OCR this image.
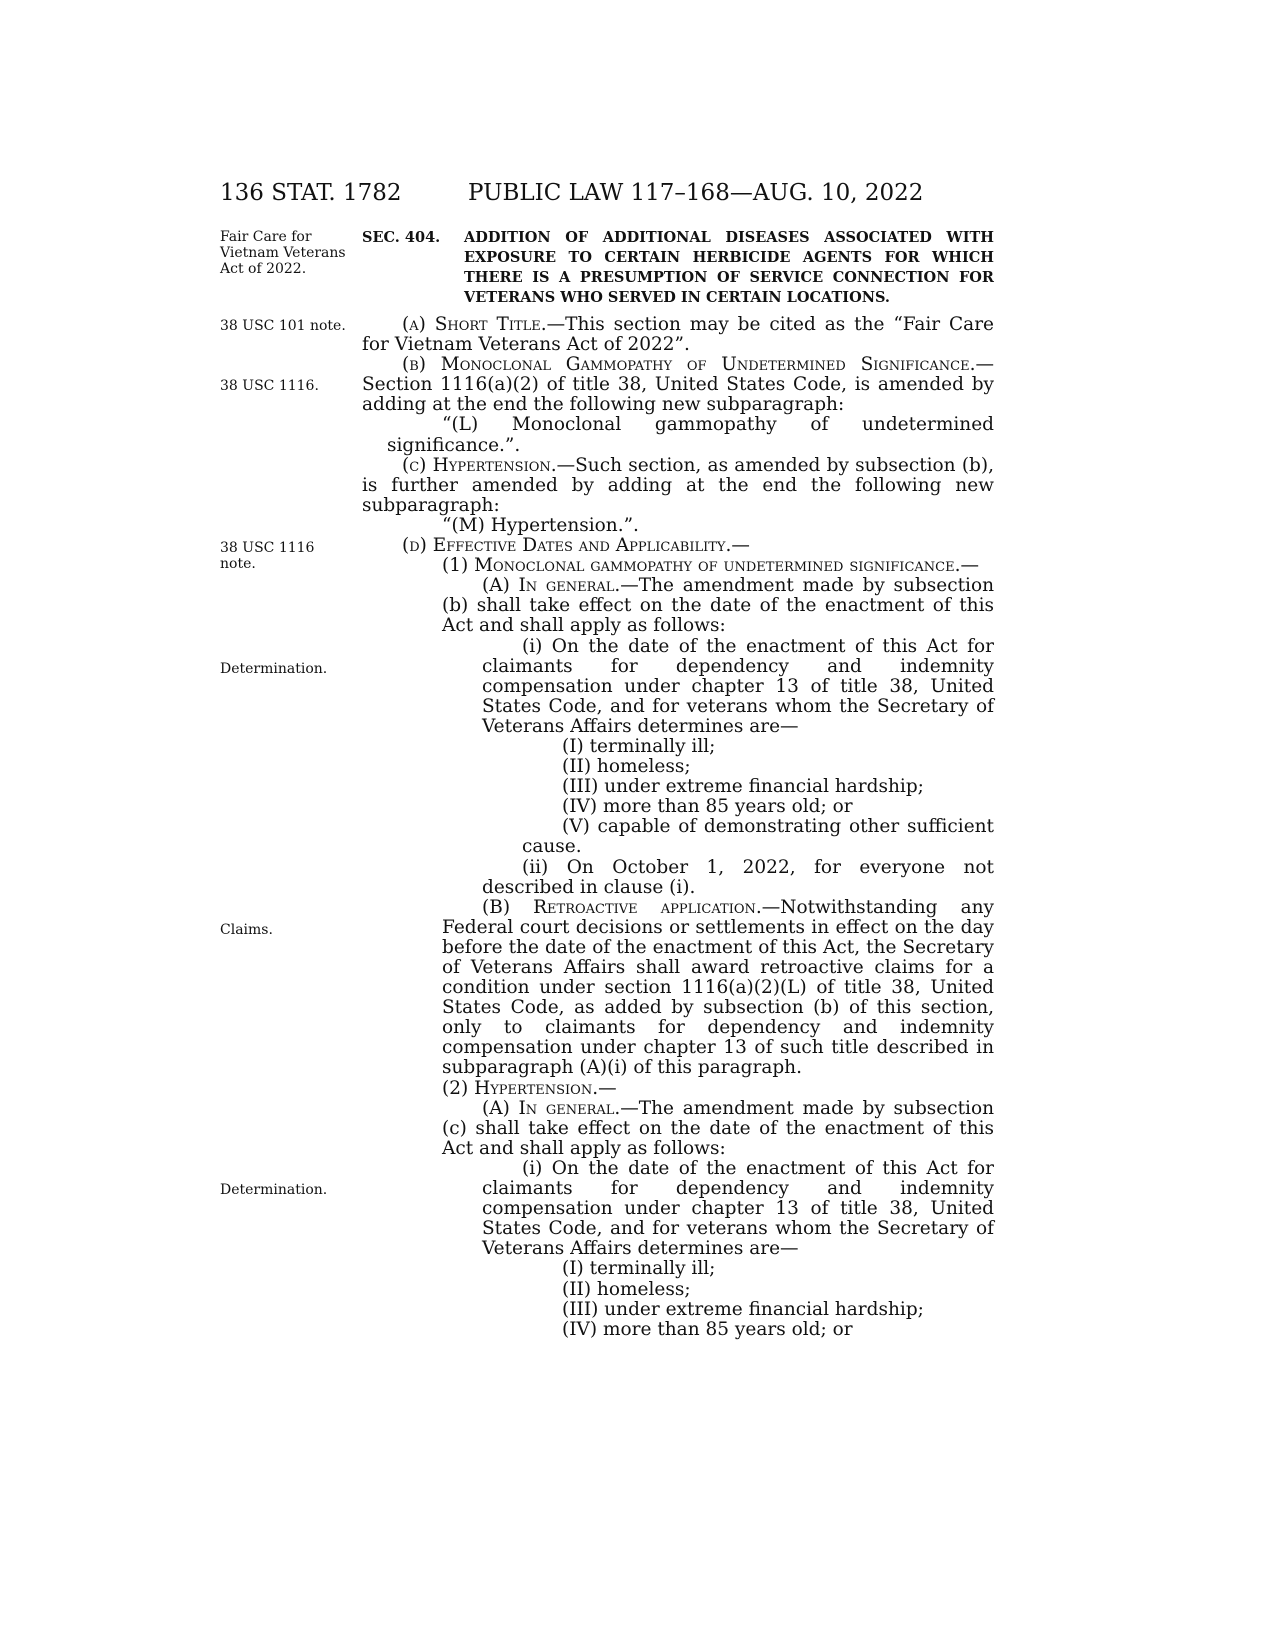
136 STAT. 1782	PUBLIC LAW 117–168—AUG. 10, 2022
Fair Care for Vietnam Veterans Act of 2022.
38 USC 101 note.
38 USC 1116.
38 USC 1116 note.
Determination.
Claims.
Determination.
SEC. 404. ADDITION OF ADDITIONAL DISEASES ASSOCIATED WITH EXPOSURE TO CERTAIN HERBICIDE AGENTS FOR WHICH THERE IS A PRESUMPTION OF SERVICE CONNECTION FOR VETERANS WHO SERVED IN CERTAIN LOCATIONS.

(a) Short Title.—This section may be cited as the “Fair Care for Vietnam Veterans Act of 2022”.

(b) Monoclonal Gammopathy of Undetermined Significance.—Section 1116(a)(2) of title 38, United States Code, is amended by adding at the end the following new subparagraph:

“(L) Monoclonal gammopathy of undetermined significance.”.

(c) Hypertension.—Such section, as amended by subsection (b), is further amended by adding at the end the following new subparagraph:

“(M) Hypertension.”.

(d) Effective Dates and Applicability.—

(1) Monoclonal gammopathy of undetermined significance.—

(A) In general.—The amendment made by subsection (b) shall take effect on the date of the enactment of this Act and shall apply as follows:

(i) On the date of the enactment of this Act for claimants for dependency and indemnity compensation under chapter 13 of title 38, United States Code, and for veterans whom the Secretary of Veterans Affairs determines are—

(I) terminally ill;

(II) homeless;

(III) under extreme financial hardship;

(IV) more than 85 years old; or

(V) capable of demonstrating other sufficient cause.

(ii) On October 1, 2022, for everyone not described in clause (i).

(B) Retroactive application.—Notwithstanding any Federal court decisions or settlements in effect on the day before the date of the enactment of this Act, the Secretary of Veterans Affairs shall award retroactive claims for a condition under section 1116(a)(2)(L) of title 38, United States Code, as added by subsection (b) of this section, only to claimants for dependency and indemnity compensation under chapter 13 of such title described in subparagraph (A)(i) of this paragraph.

(2) Hypertension.—

(A) In general.—The amendment made by subsection (c) shall take effect on the date of the enactment of this Act and shall apply as follows:

(i) On the date of the enactment of this Act for claimants for dependency and indemnity compensation under chapter 13 of title 38, United States Code, and for veterans whom the Secretary of Veterans Affairs determines are—

(I) terminally ill;

(II) homeless;

(III) under extreme financial hardship;

(IV) more than 85 years old; or
